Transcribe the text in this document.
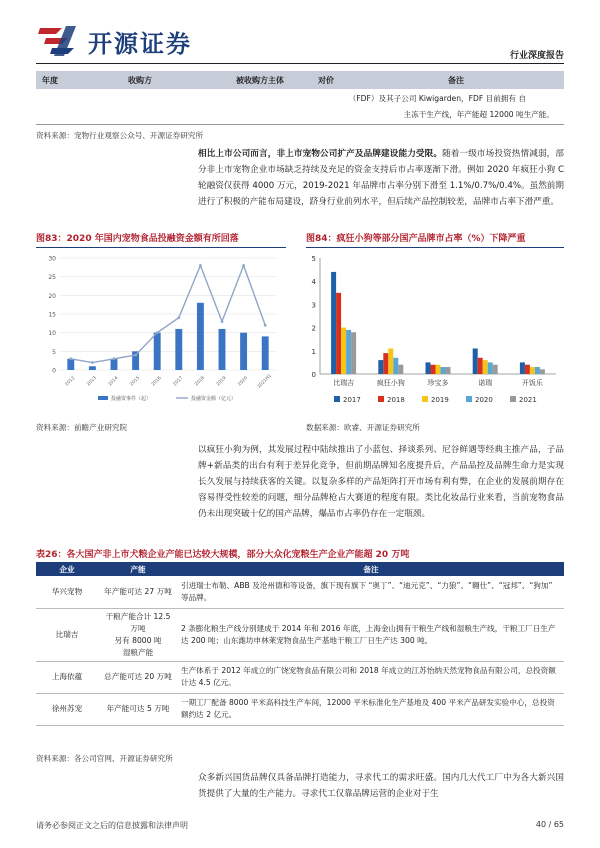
开源证券	行业深度报告
年度	收购方	被收购方主体	对价	备注
（FDF）及其子公司 Kiwigarden，FDF 目前拥有 自
主冻干生产线，年产能超 12000 吨生产能。
资料来源：宠物行业观察公众号、开源证券研究所
相比上市公司而言，非上市宠物公司扩产及品牌建设能力受限。随着一级市场投资热情减弱，部分非上市宠物企业市场缺乏持续及充足的资金支持后市占率逐渐下滑。例如 2020 年疯狂小狗 C 轮融资仅获得 4000 万元，2019-2021 年品牌市占率分别下滑至 1.1%/0.7%/0.4%。虽然前期进行了积极的产能布局建设，跻身行业前列水平，但后续产品控制较差，品牌市占率下滑严重。
图83：2020 年国内宠物食品投融资金额有所回落
0
5
10
15
20
25
30
2012 2013 2014 2015 2016 2017 2018 2019 2020 2021H1
投融资事件（起）	投融资金额（亿元）
资料来源：前瞻产业研究院
图84：疯狂小狗等部分国产品牌市占率（%）下降严重
0
1
2
3
4
5
比瑞吉	疯狂小狗	珍宝多	诺瑞	开饭乐
2017	2018	2019	2020	2021
数据来源：欧睿、开源证券研究所
以疯狂小狗为例，其发展过程中陆续推出了小蓝包、择谈系列、尼谷鲜遇等经典主推产品，子品牌+新品类的出台有利于差异化竞争，但前期品牌知名度提升后，产品品控及品牌生命力是实现长久发展与持续获客的关键。以复杂多样的产品矩阵打开市场有利有弊，在企业的发展前期存在容易得受性较差的问题，细分品牌枪占大赛道的程度有限。类比化妆品行业来看，当前宠物食品仍未出现突破十亿的国产品牌，爆品市占率仍存在一定瓶颈。
表26：各大国产非上市犬粮企业产能已达较大规模，部分大众化宠粮生产企业产能超 20 万吨
企业	产能	备注
华兴宠物	年产能可达 27 万吨	引进瑞士布勒、ABB 及沧州德和等设备，旗下现有旗下 “奥丁”、“迪元克”、“力狼”、“翱仕”、“冠邦”、“狗加” 等品牌。
比瑞吉	干粮产能合计 12.5 万吨
另有 8000 吨
湿粮产能	2 条膨化粮生产线分别建成于 2014 年和 2016 年底，上海金山拥有干粮生产线和湿粮生产线，干粮工厂日生产达 200 吨；山东潍坊申林莱宠物食品生产基地干粮工厂日生产达 300 吨。
上海依蕴	总产能可达 20 万吨	生产体系于 2012 年成立的广饶宠物食品有限公司和 2018 年成立的江苏怡纳天然宠物食品有限公司，总投资额计达 4.5 亿元。
徐州苏宠	年产能可达 5 万吨	一期工厂配备 8000 平米高科技生产车间，12000 平米标准化生产基地及 400 平米产品研发实验中心，总投资额约达 2 亿元。
资料来源：各公司官网、开源证券研究所
众多新兴国货品牌仅具备品牌打造能力，寻求代工的需求旺盛。国内几大代工厂中为各大新兴国货提供了大量的生产能力。寻求代工仅靠品牌运营的企业对于生
请务必参阅正文之后的信息披露和法律声明	40 / 65
